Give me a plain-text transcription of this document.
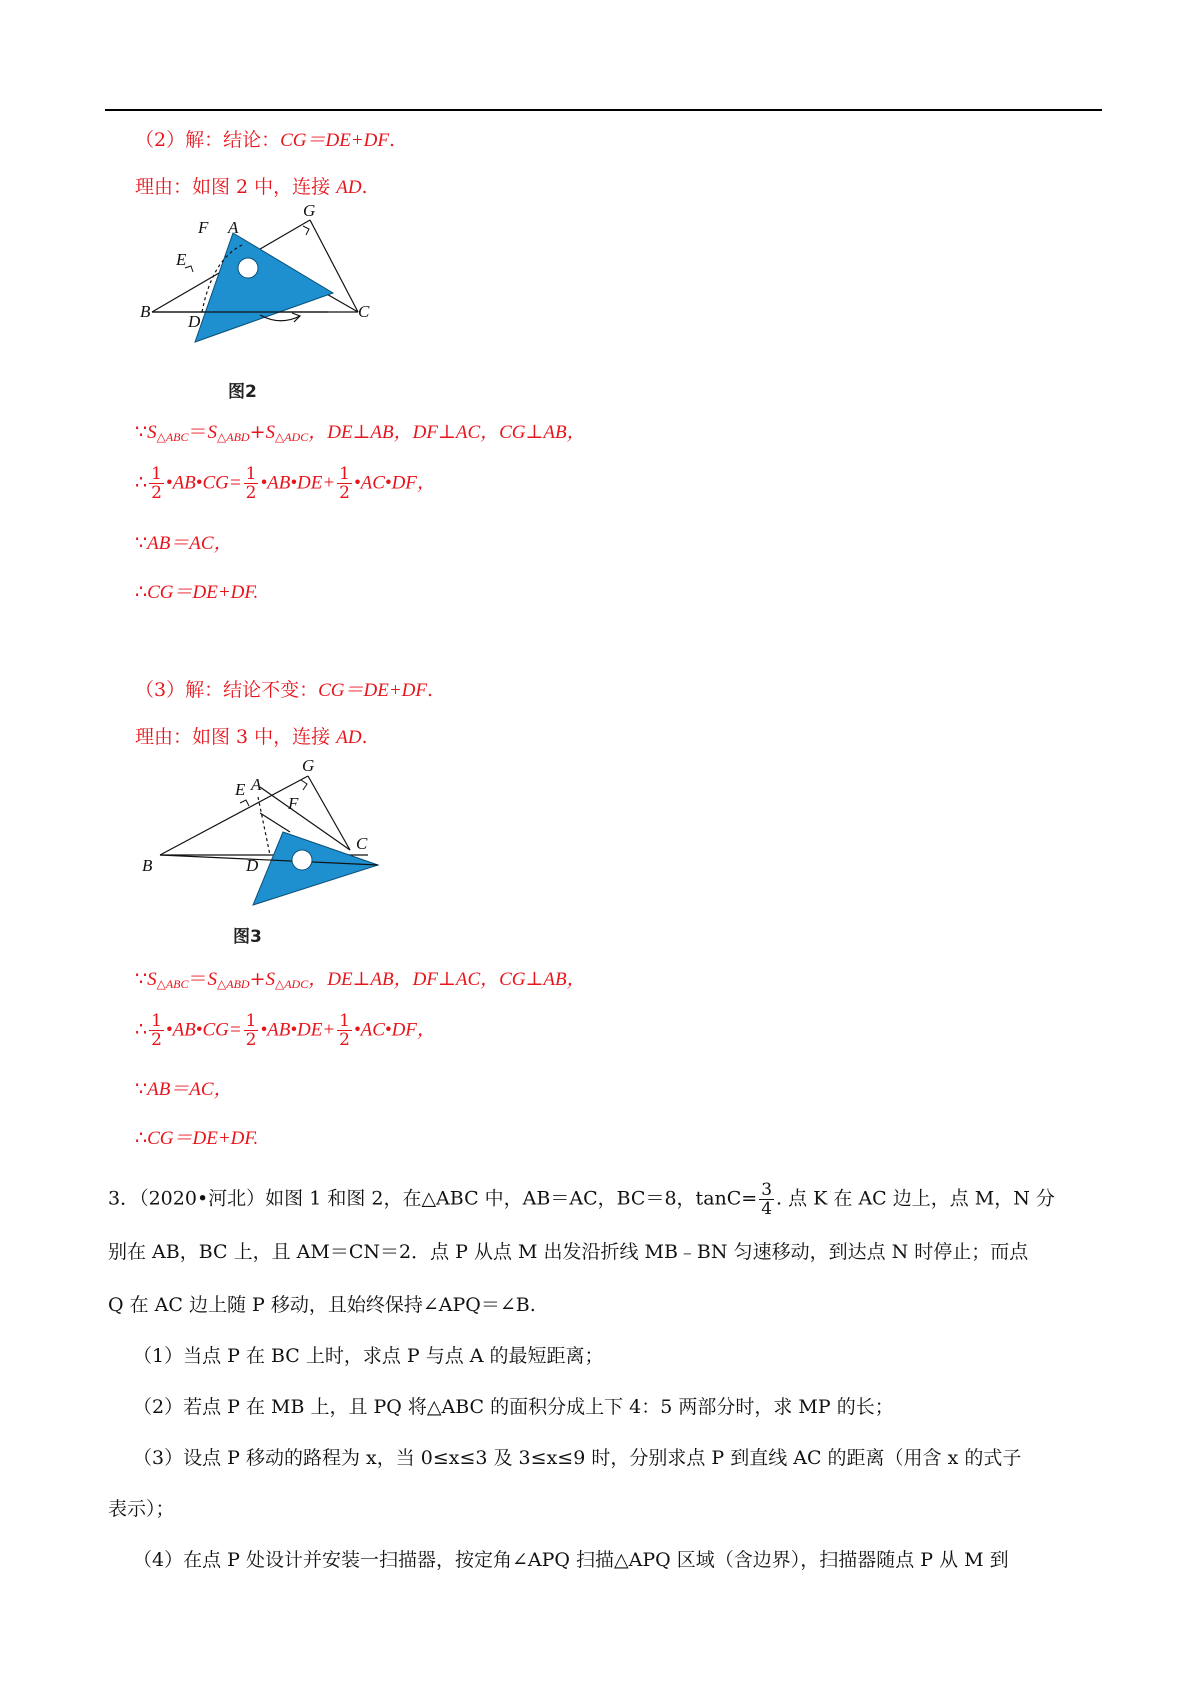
（2）解：结论：CG＝DE+DF.
理由：如图 2 中，连接 AD.
F A
G
E
B
D
C
图2
$\because S_{\triangle ABC}=S_{\triangle ABD}+S_{\triangle ADC}$，DE⊥AB，DF⊥AC，CG⊥AB，
∴ $\frac{1}{2}$ •AB•CG= $\frac{1}{2}$ •AB•DE+ $\frac{1}{2}$ •AC•DF，
∵AB＝AC，
∴CG＝DE+DF.
（3）解：结论不变：CG＝DE+DF.
理由：如图 3 中，连接 AD.
G
E A
F
B	D
C
图3
$\because S_{\triangle ABC}=S_{\triangle ABD}+S_{\triangle ADC}$，DE⊥AB，DF⊥AC，CG⊥AB，
∴ $\frac{1}{2}$ •AB•CG= $\frac{1}{2}$ •AB•DE+ $\frac{1}{2}$ •AC•DF，
∵AB＝AC，
∴CG＝DE+DF.
3．（2020•河北）如图 1 和图 2，在△ABC 中，AB＝AC，BC＝8，$\tan C= \frac{3}{4}$ . 点 K 在 AC 边上，点 M，N 分
别在 AB，BC 上，且 AM＝CN＝2．点 P 从点 M 出发沿折线 MB﹣BN 匀速移动，到达点 N 时停止；而点
Q 在 AC 边上随 P 移动，且始终保持∠APQ＝∠B.
（1）当点 P 在 BC 上时，求点 P 与点 A 的最短距离；
（2）若点 P 在 MB 上，且 PQ 将△ABC 的面积分成上下 4：5 两部分时，求 MP 的长；
（3）设点 P 移动的路程为 x，当 0≤x≤3 及 3≤x≤9 时，分别求点 P 到直线 AC 的距离（用含 x 的式子
表示）；
（4）在点 P 处设计并安装一扫描器，按定角∠APQ 扫描△APQ 区域（含边界），扫描器随点 P 从 M 到
